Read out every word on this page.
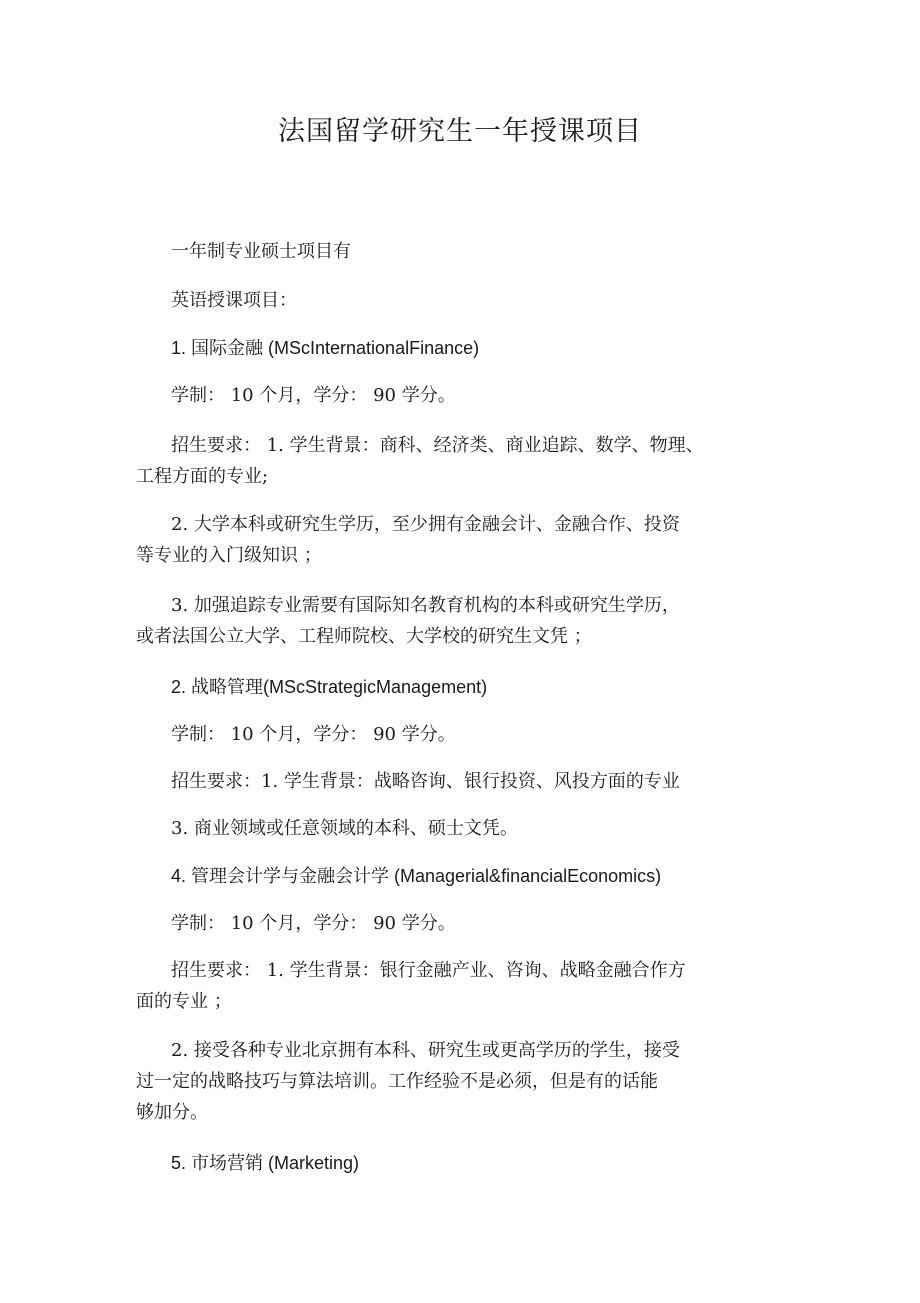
法国留学研究生一年授课项目
一年制专业硕士项目有
英语授课项目：
1. 国际金融 (MScInternationalFinance)
学制： 10 个月，学分： 90 学分。
招生要求： 1. 学生背景：商科、经济类、商业追踪、数学、物理、
工程方面的专业;
2. 大学本科或研究生学历，至少拥有金融会计、金融合作、投资
等专业的入门级知识 ；
3. 加强追踪专业需要有国际知名教育机构的本科或研究生学历，
或者法国公立大学、工程师院校、大学校的研究生文凭 ；
2. 战略管理(MScStrategicManagement)
学制： 10 个月，学分： 90 学分。
招生要求：1. 学生背景：战略咨询、银行投资、风投方面的专业
3. 商业领域或任意领域的本科、硕士文凭。
4. 管理会计学与金融会计学 (Managerial&financialEconomics)
学制： 10 个月，学分： 90 学分。
招生要求： 1. 学生背景：银行金融产业、咨询、战略金融合作方
面的专业 ；
2. 接受各种专业北京拥有本科、研究生或更高学历的学生，接受
过一定的战略技巧与算法培训。工作经验不是必须，但是有的话能
够加分。
5. 市场营销 (Marketing)
